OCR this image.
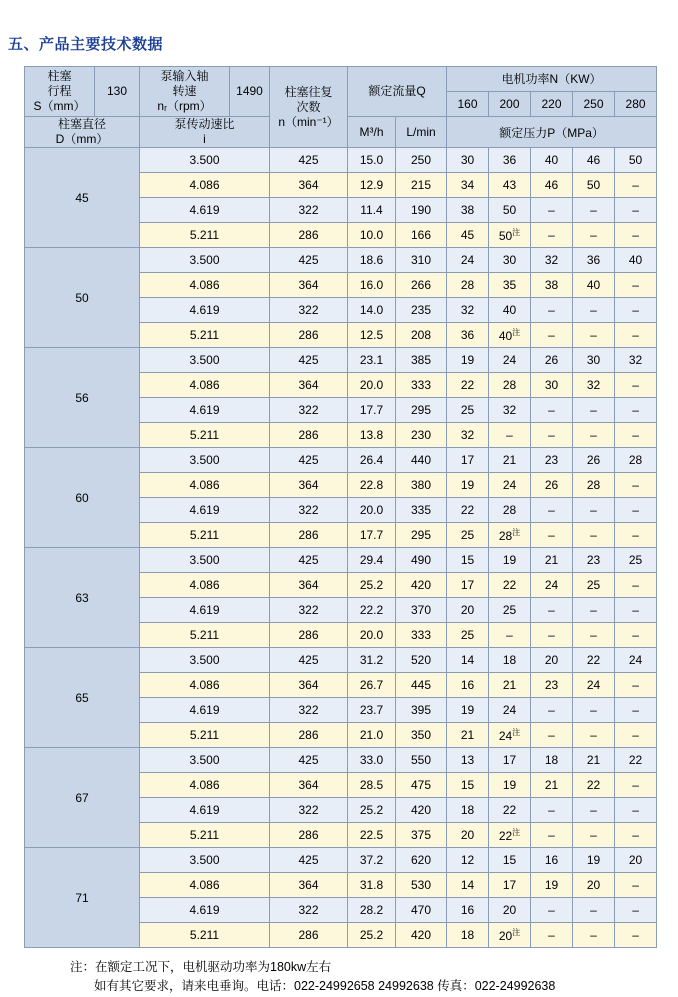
五、产品主要技术数据
柱塞
行程
S（mm）	130	泵输入轴
转速
nᵣ（rpm）	1490	柱塞往复
次数
n（min⁻¹）	额定流量Q		电机功率N（KW）				
							160	200	220	250	280

柱塞直径
D（mm）		泵传动速比
i			M³/h	L/min	额定压力P（MPa）				
45		3.500		425	15.0	250	30	36	40	46	50
		4.086		364	12.9	215	34	43	46	50	–
		4.619		322	11.4	190	38	50	–	–	–
		5.211		286	10.0	166	45	$50^注$	–	–	–
50		3.500		425	18.6	310	24	30	32	36	40
		4.086		364	16.0	266	28	35	38	40	–
		4.619		322	14.0	235	32	40	–	–	–
		5.211		286	12.5	208	36	$40^注$	–	–	–
56		3.500		425	23.1	385	19	24	26	30	32
		4.086		364	20.0	333	22	28	30	32	–
		4.619		322	17.7	295	25	32	–	–	–
		5.211		286	13.8	230	32	–	–	–	–
60		3.500		425	26.4	440	17	21	23	26	28
		4.086		364	22.8	380	19	24	26	28	–
		4.619		322	20.0	335	22	28	–	–	–
		5.211		286	17.7	295	25	$28^注$	–	–	–
63		3.500		425	29.4	490	15	19	21	23	25
		4.086		364	25.2	420	17	22	24	25	–
		4.619		322	22.2	370	20	25	–	–	–
		5.211		286	20.0	333	25	–	–	–	–
65		3.500		425	31.2	520	14	18	20	22	24
		4.086		364	26.7	445	16	21	23	24	–
		4.619		322	23.7	395	19	24	–	–	–
		5.211		286	21.0	350	21	$24^注$	–	–	–
67		3.500		425	33.0	550	13	17	18	21	22
		4.086		364	28.5	475	15	19	21	22	–
		4.619		322	25.2	420	18	22	–	–	–
		5.211		286	22.5	375	20	$22^注$	–	–	–
71		3.500		425	37.2	620	12	15	16	19	20
		4.086		364	31.8	530	14	17	19	20	–
		4.619		322	28.2	470	16	20	–	–	–
		5.211		286	25.2	420	18	$20^注$	–	–	–
注：在额定工况下，电机驱动功率为180kw左右
如有其它要求，请来电垂询。电话：022-24992658 24992638 传真：022-24992638
